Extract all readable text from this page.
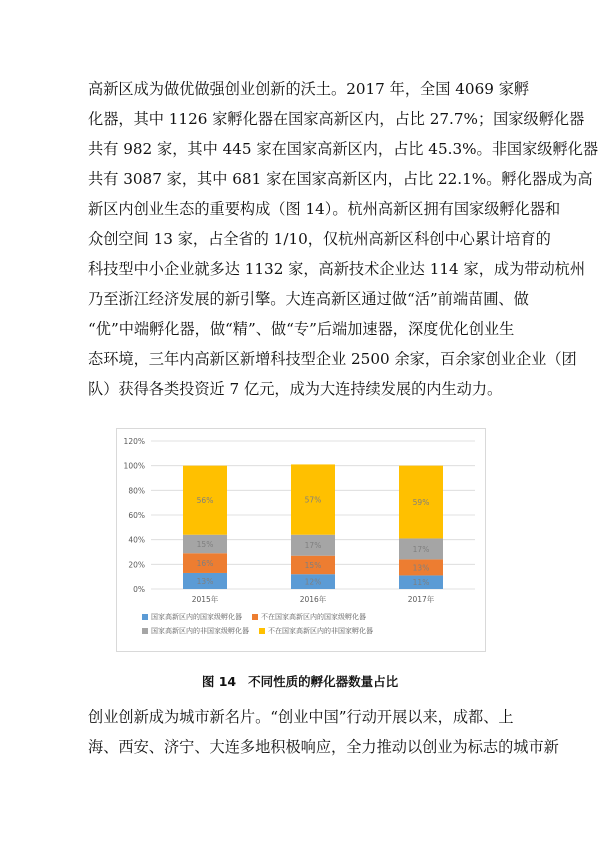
高新区成为做优做强创业创新的沃土。2017 年，全国 4069 家孵
化器，其中 1126 家孵化器在国家高新区内，占比 27.7%；国家级孵化器
共有 982 家，其中 445 家在国家高新区内，占比 45.3%。非国家级孵化器
共有 3087 家，其中 681 家在国家高新区内，占比 22.1%。孵化器成为高
新区内创业生态的重要构成（图 14）。杭州高新区拥有国家级孵化器和
众创空间 13 家，占全省的 1/10，仅杭州高新区科创中心累计培育的
科技型中小企业就多达 1132 家，高新技术企业达 114 家，成为带动杭州
乃至浙江经济发展的新引擎。大连高新区通过做“活”前端苗圃、做
“优”中端孵化器，做“精”、做“专”后端加速器，深度优化创业生
态环境，三年内高新区新增科技型企业 2500 余家，百余家创业企业（团
队）获得各类投资近 7 亿元，成为大连持续发展的内生动力。
0%
20%
40%
60%
80%
100%
120%
13%
16%
15%
56%
2015年
12%
15%
17%
57%
2016年
11%
13%
17%
59%
2017年
国家高新区内的国家级孵化器	不在国家高新区内的国家级孵化器
国家高新区内的非国家级孵化器	不在国家高新区内的非国家孵化器
图 14 不同性质的孵化器数量占比
创业创新成为城市新名片。“创业中国”行动开展以来，成都、上
海、西安、济宁、大连多地积极响应，全力推动以创业为标志的城市新
